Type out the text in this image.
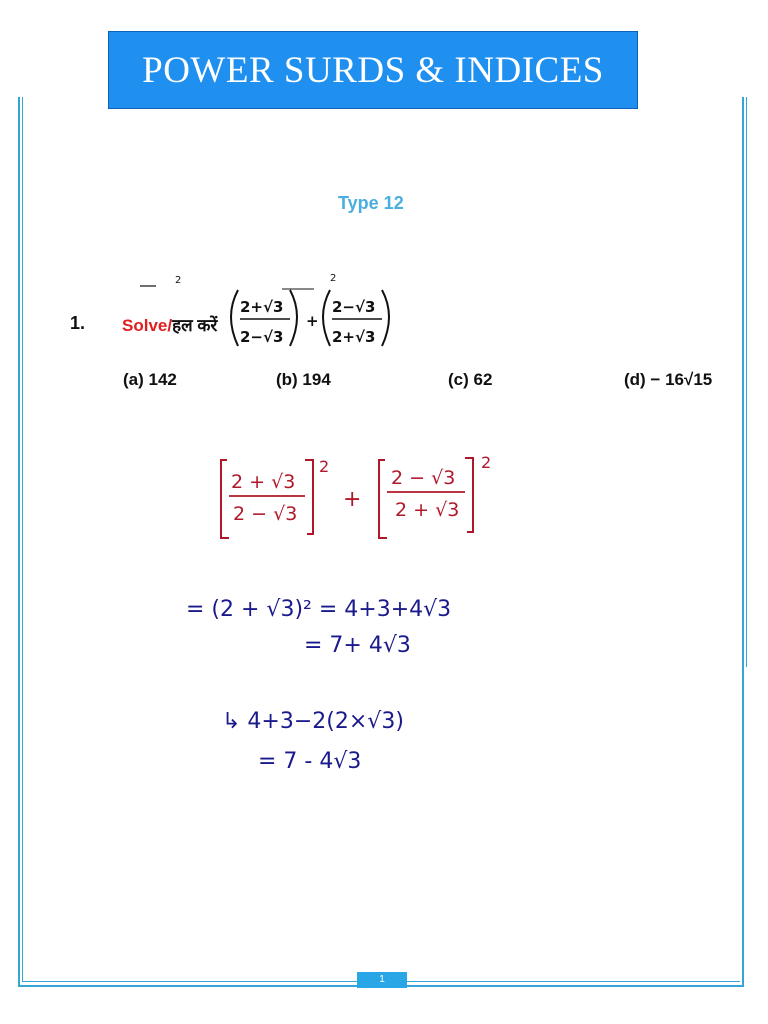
POWER SURDS & INDICES
Type 12
1. Solve/हल करें
2
2+√3
2−√3
+
2
2−√3
2+√3
(a) 142	(b) 194	(c) 62	(d) − 16√15
2 + √3
2 − √3
2
+
2 − √3
2 + √3
2
= (2 + √3)² = 4+3+4√3
= 7+ 4√3
↳ 4+3−2(2×√3)
= 7 - 4√3
1
